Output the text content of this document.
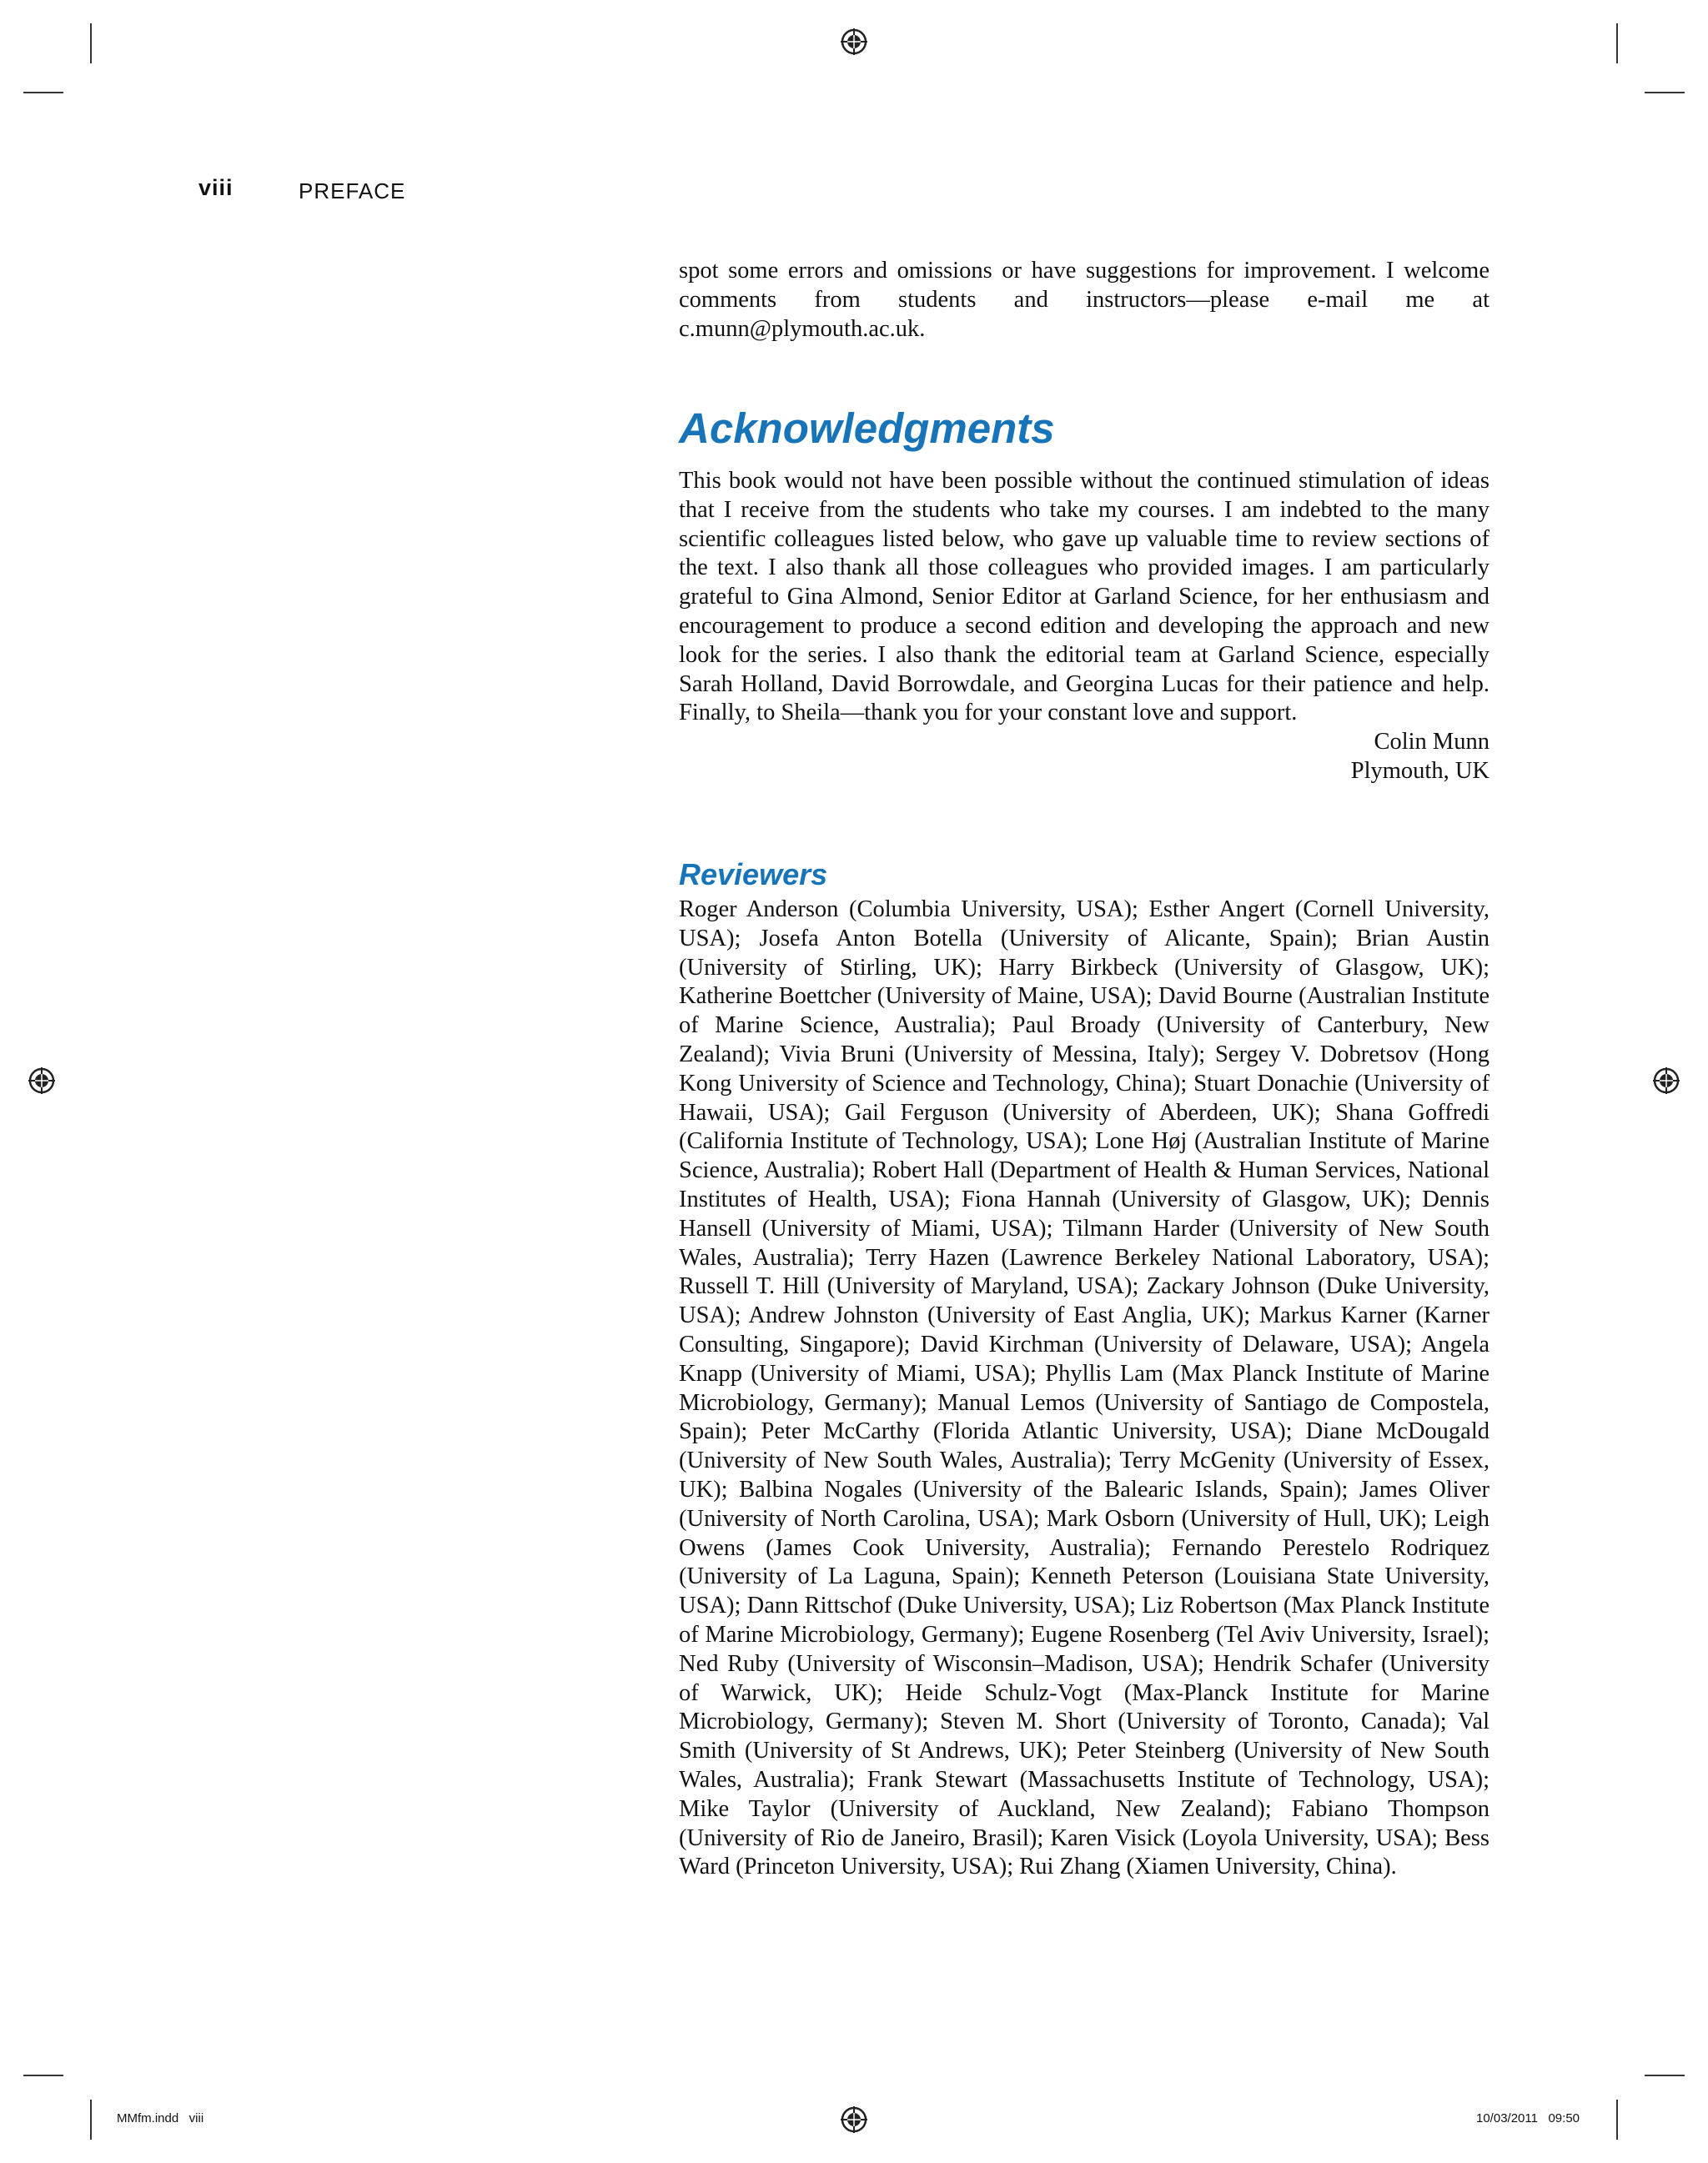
viii	PREFACE

spot some errors and omissions or have suggestions for improvement. I welcome comments from students and instructors—please e-mail me at c.munn@plymouth.ac.uk.

Acknowledgments

This book would not have been possible without the continued stimulation of ideas that I receive from the students who take my courses. I am indebted to the many scientific colleagues listed below, who gave up valuable time to review sections of the text. I also thank all those colleagues who provided images. I am particularly grateful to Gina Almond, Senior Editor at Garland Science, for her enthusiasm and encouragement to produce a second edition and developing the approach and new look for the series. I also thank the editorial team at Garland Science, especially Sarah Holland, David Borrowdale, and Georgina Lucas for their patience and help. Finally, to Sheila—thank you for your constant love and support.

Colin Munn

Plymouth, UK

Reviewers

Roger Anderson (Columbia University, USA); Esther Angert (Cornell University, USA); Josefa Anton Botella (University of Alicante, Spain); Brian Austin (University of Stirling, UK); Harry Birkbeck (University of Glasgow, UK); Katherine Boettcher (University of Maine, USA); David Bourne (Australian Institute of Marine Science, Australia); Paul Broady (University of Canterbury, New Zealand); Vivia Bruni (University of Messina, Italy); Sergey V. Dobretsov (Hong Kong University of Science and Technology, China); Stuart Donachie (University of Hawaii, USA); Gail Ferguson (University of Aberdeen, UK); Shana Goffredi (California Institute of Technology, USA); Lone Høj (Australian Institute of Marine Science, Australia); Robert Hall (Department of Health & Human Services, National Institutes of Health, USA); Fiona Hannah (University of Glasgow, UK); Dennis Hansell (University of Miami, USA); Tilmann Harder (University of New South Wales, Australia); Terry Hazen (Lawrence Berkeley National Laboratory, USA); Russell T. Hill (University of Maryland, USA); Zackary Johnson (Duke University, USA); Andrew Johnston (University of East Anglia, UK); Markus Karner (Karner Consulting, Singapore); David Kirchman (University of Delaware, USA); Angela Knapp (University of Miami, USA); Phyllis Lam (Max Planck Institute of Marine Microbiology, Germany); Manual Lemos (University of Santiago de Compostela, Spain); Peter McCarthy (Florida Atlantic University, USA); Diane McDougald (University of New South Wales, Australia); Terry McGenity (University of Essex, UK); Balbina Nogales (University of the Balearic Islands, Spain); James Oliver (University of North Carolina, USA); Mark Osborn (University of Hull, UK); Leigh Owens (James Cook University, Australia); Fernando Perestelo Rodriquez (University of La Laguna, Spain); Kenneth Peterson (Louisiana State University, USA); Dann Rittschof (Duke University, USA); Liz Robertson (Max Planck Institute of Marine Microbiology, Germany); Eugene Rosenberg (Tel Aviv University, Israel); Ned Ruby (University of Wisconsin–Madison, USA); Hendrik Schafer (University of Warwick, UK); Heide Schulz-Vogt (Max-Planck Institute for Marine Microbiology, Germany); Steven M. Short (University of Toronto, Canada); Val Smith (University of St Andrews, UK); Peter Steinberg (University of New South Wales, Australia); Frank Stewart (Massachusetts Institute of Technology, USA); Mike Taylor (University of Auckland, New Zealand); Fabiano Thompson (University of Rio de Janeiro, Brasil); Karen Visick (Loyola University, USA); Bess Ward (Princeton University, USA); Rui Zhang (Xiamen University, China).

MMfm.indd   viii	10/03/2011   09:50
